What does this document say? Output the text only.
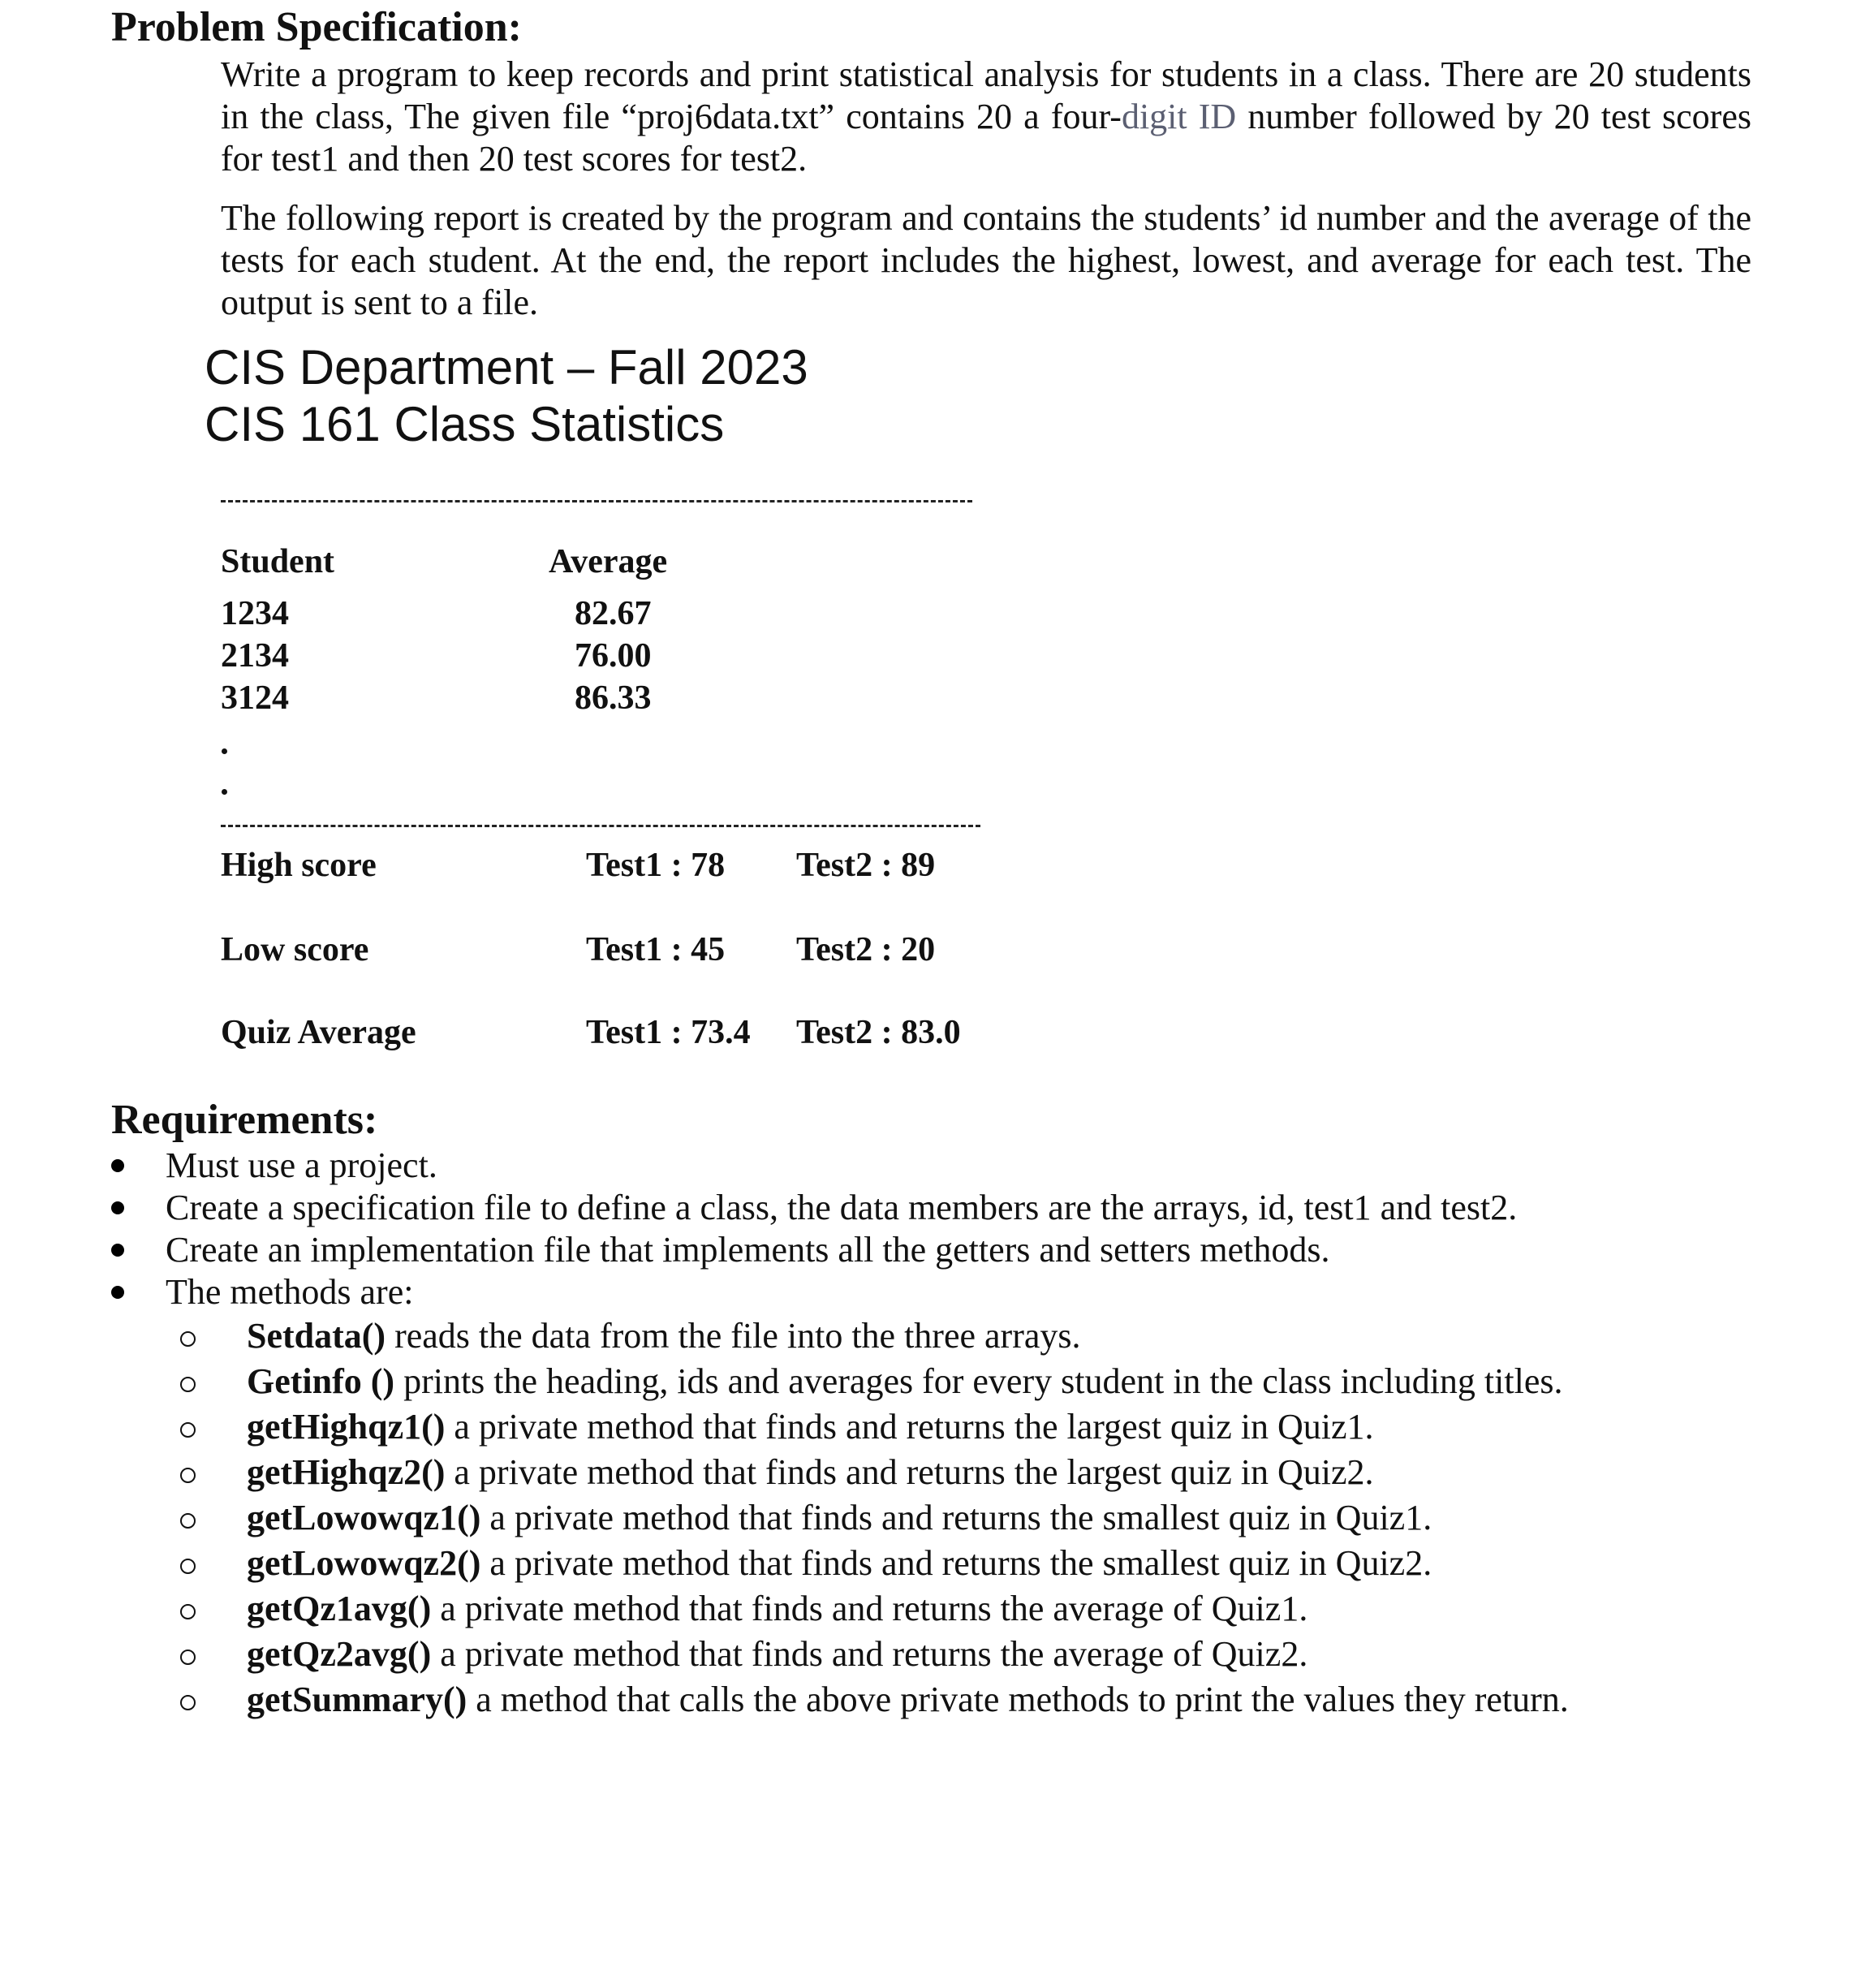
Problem Specification:
Write a program to keep records and print statistical analysis for students in a class. There are 20 students in the class, The given file “proj6data.txt” contains 20 a four-digit ID number followed by 20 test scores for test1 and then 20 test scores for test2.
The following report is created by the program and contains the students’ id number and the average of the tests for each student. At the end, the report includes the highest, lowest, and average for each test. The output is sent to a file.
CIS Department – Fall 2023
CIS 161 Class Statistics
Student	Average
1234	82.67
2134	76.00
3124	86.33
High score	Test1 : 78 Test2 : 89
Low score	Test1 : 45 Test2 : 20
Quiz Average	Test1 : 73.4 Test2 : 83.0
Requirements:
Must use a project.
Create a specification file to define a class, the data members are the arrays, id, test1 and test2.
Create an implementation file that implements all the getters and setters methods.
The methods are:
Setdata() reads the data from the file into the three arrays.
Getinfo () prints the heading, ids and averages for every student in the class including titles.
getHighqz1() a private method that finds and returns the largest quiz in Quiz1.
getHighqz2() a private method that finds and returns the largest quiz in Quiz2.
getLowowqz1() a private method that finds and returns the smallest quiz in Quiz1.
getLowowqz2() a private method that finds and returns the smallest quiz in Quiz2.
getQz1avg() a private method that finds and returns the average of Quiz1.
getQz2avg() a private method that finds and returns the average of Quiz2.
getSummary() a method that calls the above private methods to print the values they return.
